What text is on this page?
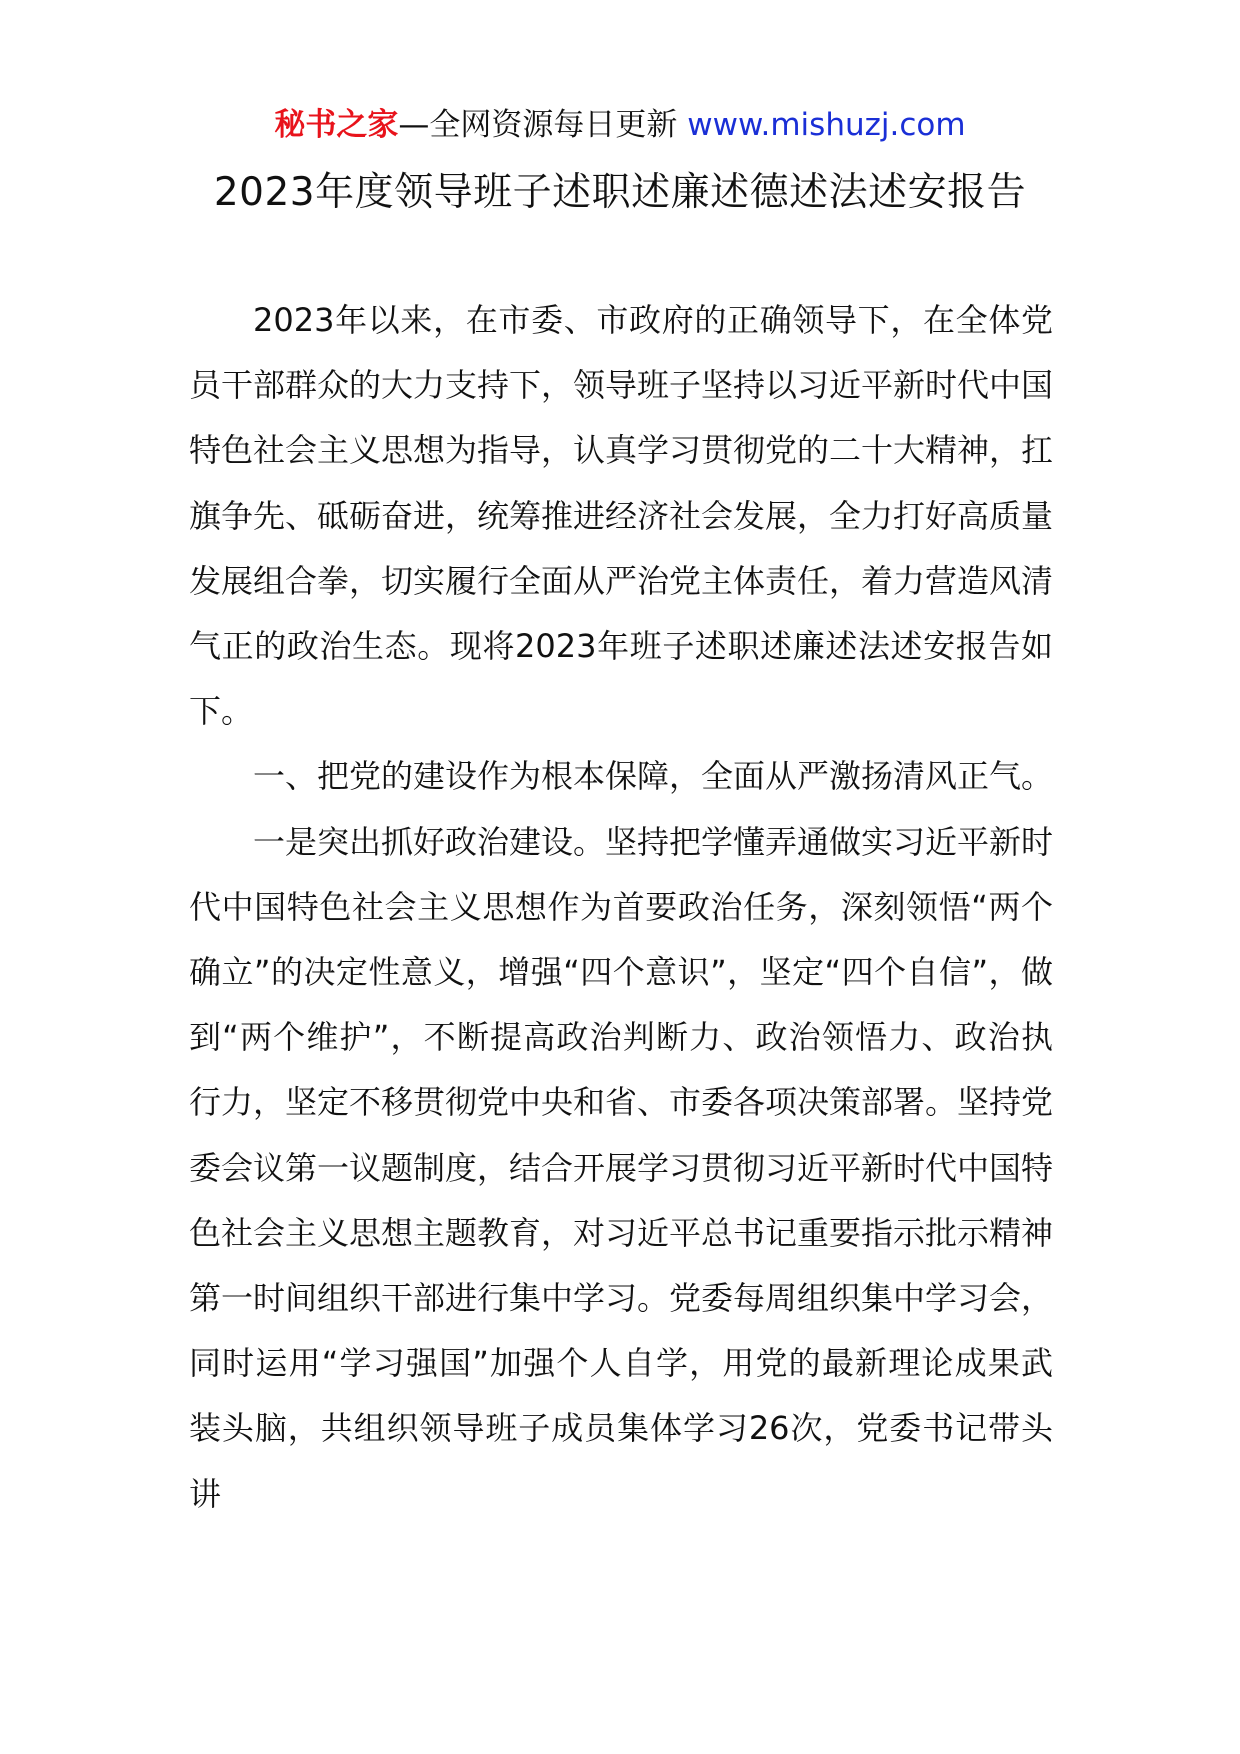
秘书之家—全网资源每日更新 www.mishuzj.com
2023年度领导班子述职述廉述德述法述安报告

2023年以来，在市委、市政府的正确领导下，在全体党员干部群众的大力支持下，领导班子坚持以习近平新时代中国特色社会主义思想为指导，认真学习贯彻党的二十大精神，扛旗争先、砥砺奋进，统筹推进经济社会发展，全力打好高质量发展组合拳，切实履行全面从严治党主体责任，着力营造风清气正的政治生态。现将2023年班子述职述廉述法述安报告如下。

一、把党的建设作为根本保障，全面从严激扬清风正气。

一是突出抓好政治建设。坚持把学懂弄通做实习近平新时代中国特色社会主义思想作为首要政治任务，深刻领悟“两个确立”的决定性意义，增强“四个意识”，坚定“四个自信”，做到“两个维护”，不断提高政治判断力、政治领悟力、政治执行力，坚定不移贯彻党中央和省、市委各项决策部署。坚持党委会议第一议题制度，结合开展学习贯彻习近平新时代中国特色社会主义思想主题教育，对习近平总书记重要指示批示精神第一时间组织干部进行集中学习。党委每周组织集中学习会，同时运用“学习强国”加强个人自学，用党的最新理论成果武装头脑，共组织领导班子成员集体学习26次，党委书记带头讲
